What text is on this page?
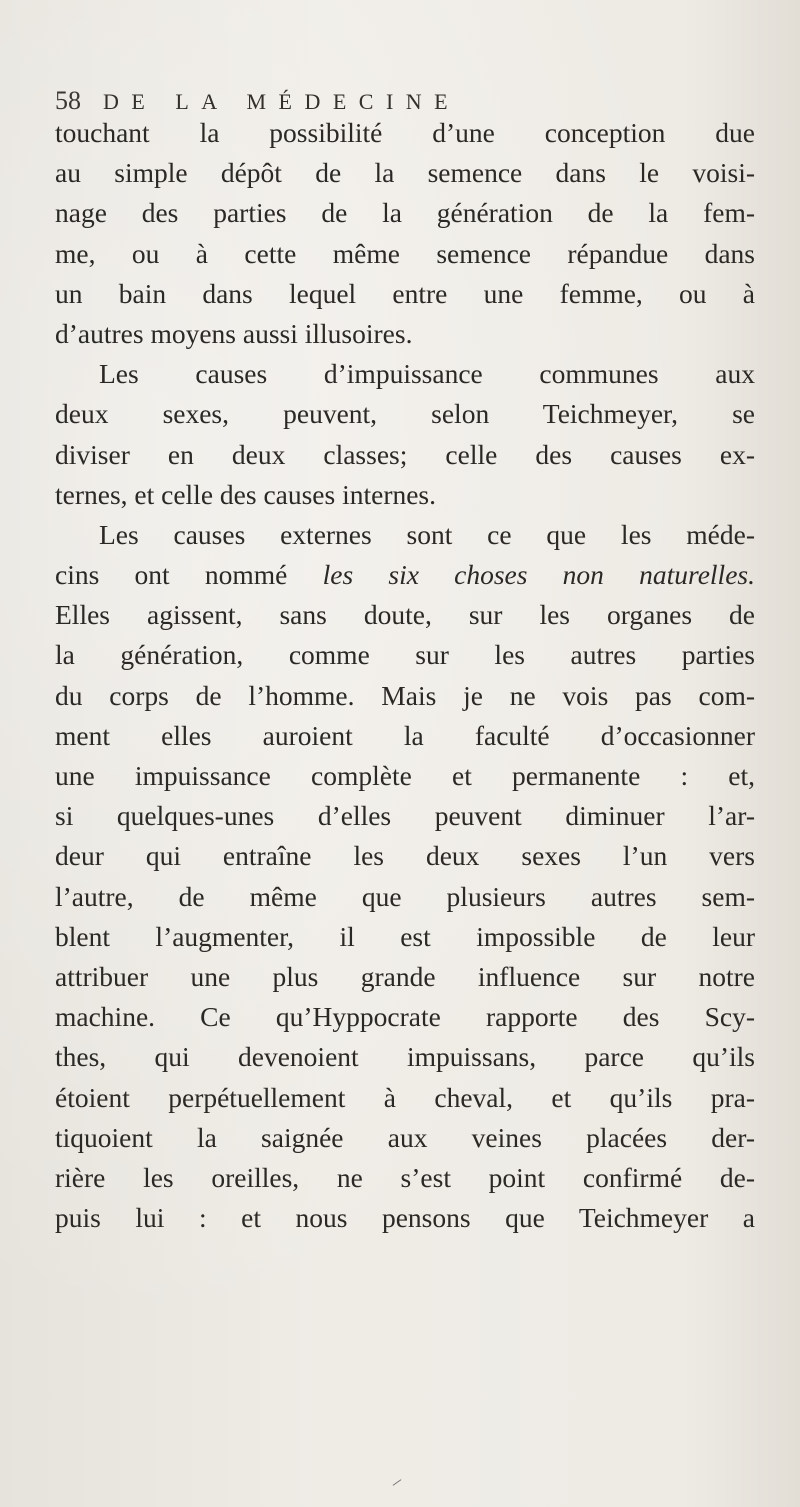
58 DE LA MÉDECINE
touchant la possibilité d’une conception due
au simple dépôt de la semence dans le voisi-
nage des parties de la génération de la fem-
me, ou à cette même semence répandue dans
un bain dans lequel entre une femme, ou à
d’autres moyens aussi illusoires.
Les causes d’impuissance communes aux
deux sexes, peuvent, selon Teichmeyer, se
diviser en deux classes; celle des causes ex-
ternes, et celle des causes internes.
Les causes externes sont ce que les méde-
cins ont nommé les six choses non naturelles.
Elles agissent, sans doute, sur les organes de
la génération, comme sur les autres parties
du corps de l’homme. Mais je ne vois pas com-
ment elles auroient la faculté d’occasionner
une impuissance complète et permanente : et,
si quelques-unes d’elles peuvent diminuer l’ar-
deur qui entraîne les deux sexes l’un vers
l’autre, de même que plusieurs autres sem-
blent l’augmenter, il est impossible de leur
attribuer une plus grande influence sur notre
machine. Ce qu’Hyppocrate rapporte des Scy-
thes, qui devenoient impuissans, parce qu’ils
étoient perpétuellement à cheval, et qu’ils pra-
tiquoient la saignée aux veines placées der-
rière les oreilles, ne s’est point confirmé de-
puis lui : et nous pensons que Teichmeyer a
